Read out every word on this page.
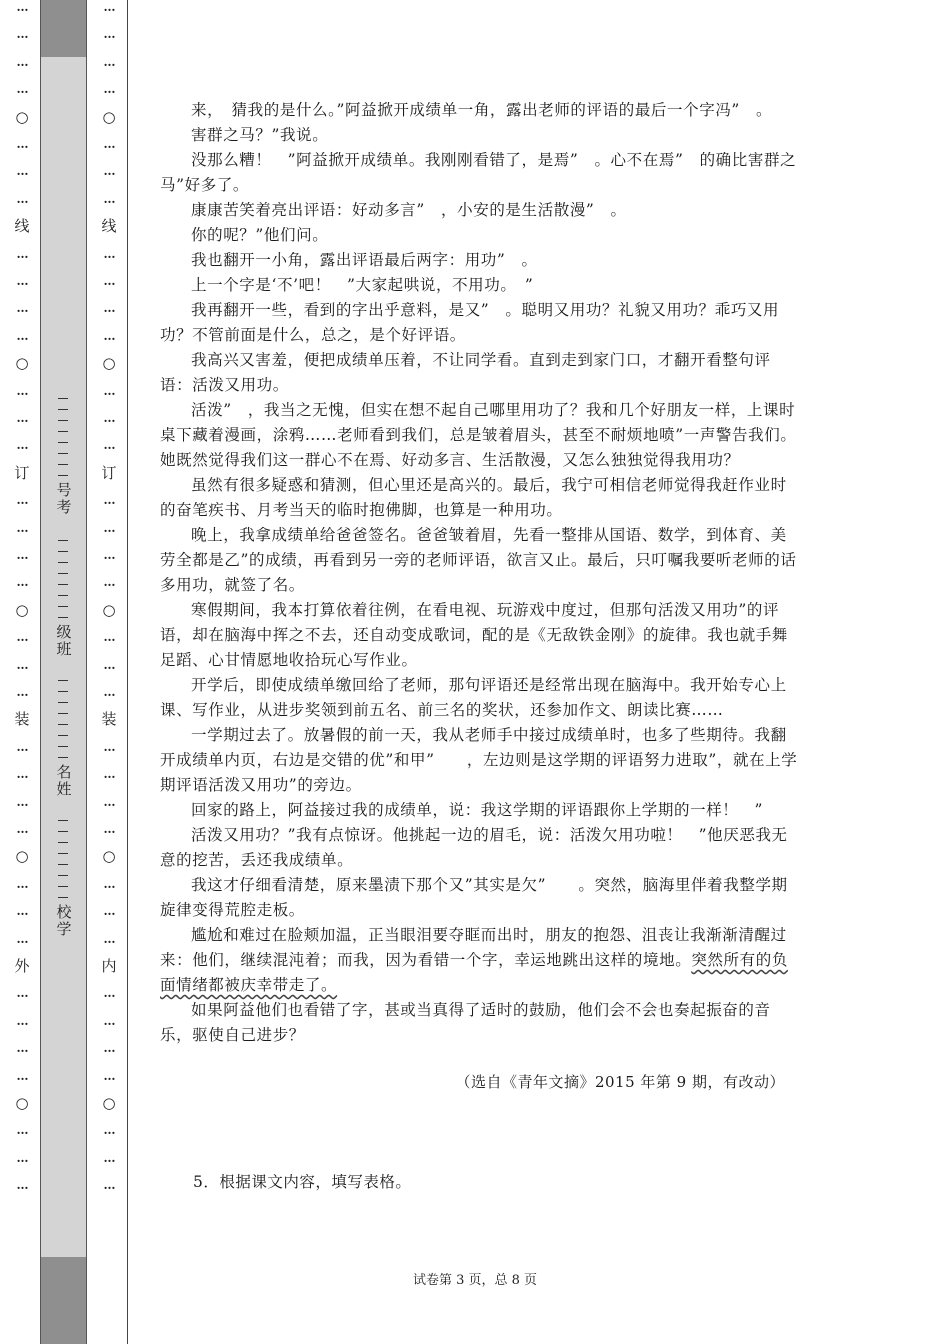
…
…
…
…
○
…
…
…
线
…
…
…
…
○
…
…
…
订
…
…
…
…
○
…
…
…
装
…
…
…
…
○
…
…
…
外
…
…
…
…
○
…
…
…
号考
级班
名姓
校学
…
…
…
…
○
…
…
…
线
…
…
…
…
○
…
…
…
订
…
…
…
…
○
…
…
…
装
…
…
…
…
○
…
…
…
内
…
…
…
…
○
…
…
…

来，　猜我的是什么。”阿益掀开成绩单一角，露出老师的评语的最后一个字冯”　。

害群之马？”我说。

没那么糟！　”阿益掀开成绩单。我刚刚看错了，是焉”　。心不在焉”　的确比害群之马”好多了。

康康苦笑着亮出评语：好动多言”　，小安的是生活散漫”　。

你的呢？”他们问。

我也翻开一小角，露出评语最后两字：用功”　。

上一个字是‘不’吧！　”大家起哄说，不用功。　”

我再翻开一些，看到的字出乎意料，是又”　。聪明又用功？礼貌又用功？乖巧又用功？不管前面是什么，总之，是个好评语。

我高兴又害羞，便把成绩单压着，不让同学看。直到走到家门口，才翻开看整句评语：活泼又用功。

活泼”　，我当之无愧，但实在想不起自己哪里用功了？我和几个好朋友一样，上课时桌下藏着漫画，涂鸦……老师看到我们，总是皱着眉头，甚至不耐烦地喷”一声警告我们。她既然觉得我们这一群心不在焉、好动多言、生活散漫，又怎么独独觉得我用功？

虽然有很多疑惑和猜测，但心里还是高兴的。最后，我宁可相信老师觉得我赶作业时的奋笔疾书、月考当天的临时抱佛脚，也算是一种用功。

晚上，我拿成绩单给爸爸签名。爸爸皱着眉，先看一整排从国语、数学，到体育、美劳全都是乙”的成绩，再看到另一旁的老师评语，欲言又止。最后，只叮嘱我要听老师的话多用功，就签了名。

寒假期间，我本打算依着往例，在看电视、玩游戏中度过，但那句活泼又用功”的评语，却在脑海中挥之不去，还自动变成歌词，配的是《无敌铁金刚》的旋律。我也就手舞足蹈、心甘情愿地收拾玩心写作业。

开学后，即使成绩单缴回给了老师，那句评语还是经常出现在脑海中。我开始专心上课、写作业，从进步奖领到前五名、前三名的奖状，还参加作文、朗读比赛……

一学期过去了。放暑假的前一天，我从老师手中接过成绩单时，也多了些期待。我翻开成绩单内页，右边是交错的优”和甲”　　，左边则是这学期的评语努力进取”，就在上学期评语活泼又用功”的旁边。

回家的路上，阿益接过我的成绩单，说：我这学期的评语跟你上学期的一样！　”

活泼又用功？”我有点惊讶。他挑起一边的眉毛，说：活泼欠用功啦！　”他厌恶我无意的挖苦，丢还我成绩单。

我这才仔细看清楚，原来墨渍下那个又”其实是欠”　　。突然，脑海里伴着我整学期旋律变得荒腔走板。

尴尬和难过在脸颊加温，正当眼泪要夺眶而出时，朋友的抱怨、沮丧让我渐渐清醒过来：他们，继续混沌着；而我，因为看错一个字，幸运地跳出这样的境地。突然所有的负面情绪都被庆幸带走了。

如果阿益他们也看错了字，甚或当真得了适时的鼓励，他们会不会也奏起振奋的音乐，驱使自己进步？

（选自《青年文摘》2015 年第 9 期，有改动）
5．根据课文内容，填写表格。
试卷第 3 页，总 8 页
